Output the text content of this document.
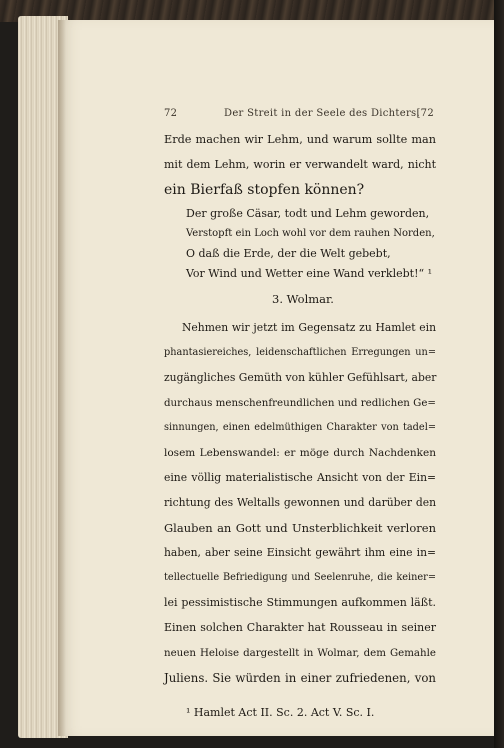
72	Der Streit in der Seele des Dichters.
[72
Erde machen wir Lehm, und warum sollte man
mit dem Lehm, worin er verwandelt ward, nicht
ein Bierfaß stopfen können?
Der große Cäsar, todt und Lehm geworden,
Verstopft ein Loch wohl vor dem rauhen Norden,
O daß die Erde, der die Welt gebebt,
Vor Wind und Wetter eine Wand verklebt!“ ¹
3. Wolmar.
Nehmen wir jetzt im Gegensatz zu Hamlet ein
phantasiereiches, leidenschaftlichen Erregungen un=
zugängliches Gemüth von kühler Gefühlsart, aber
durchaus menschenfreundlichen und redlichen Ge=
sinnungen, einen edelmüthigen Charakter von tadel=
losem Lebenswandel: er möge durch Nachdenken
eine völlig materialistische Ansicht von der Ein=
richtung des Weltalls gewonnen und darüber den
Glauben an Gott und Unsterblichkeit verloren
haben, aber seine Einsicht gewährt ihm eine in=
tellectuelle Befriedigung und Seelenruhe, die keiner=
lei pessimistische Stimmungen aufkommen läßt.
Einen solchen Charakter hat Rousseau in seiner
neuen Heloise dargestellt in Wolmar, dem Gemahle
Juliens. Sie würden in einer zufriedenen, von
¹ Hamlet Act II. Sc. 2. Act V. Sc. I.
